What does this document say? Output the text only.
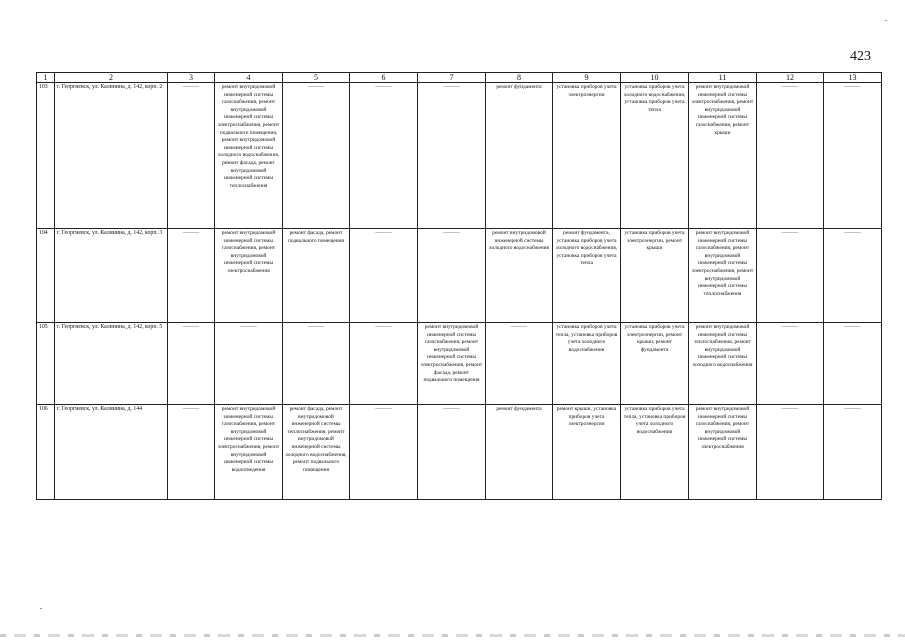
423
1	2	3	4	5	6	7	8	9	10	11	12	13
103	г. Георгиевск, ул. Калинина, д. 142, корп. 2	———	ремонт внутридомовой инженерной системы газоснабжения, ремонт внутридомовой инженерной системы электроснабжения, ремонт подвального помещения, ремонт внутридомовой инженерной системы холодного водоснабжения, ремонт фасада, ремонт внутридомовой инженерной системы теплоснабжения	———	———	———	ремонт фундамента	установка приборов учета электроэнергии	установка приборов учета холодного водоснабжения, установка приборов учета тепла	ремонт внутридомовой инженерной системы электроснабжения, ремонт внутридомовой инженерной системы газоснабжения, ремонт крыши	———	———
104	г. Георгиевск, ул. Калинина, д. 142, корп. 3	———	ремонт внутридомовой инженерной системы газоснабжения, ремонт внутридомовой инженерной системы электроснабжения	ремонт фасада, ремонт подвального помещения	———	———	ремонт внутридомовой инженерной системы холодного водоснабжения	ремонт фундамента, установка приборов учета холодного водоснабжения, установка приборов учета тепла	установка приборов учета электроэнергии, ремонт крыши	ремонт внутридомовой инженерной системы газоснабжения, ремонт внутридомовой инженерной системы электроснабжения, ремонт внутридомовой инженерной системы теплоснабжения	———	———
105	г. Георгиевск, ул. Калинина, д. 142, корп. 5	———	———	———	———	ремонт внутридомовой инженерной системы газоснабжения, ремонт внутридомовой инженерной системы электроснабжения, ремонт фасада, ремонт подвального помещения	———	установка приборов учета тепла, установка приборов учета холодного водоснабжения	установка приборов учета электроэнергии, ремонт крыши, ремонт фундамента	ремонт внутридомовой инженерной системы теплоснабжения, ремонт внутридомовой инженерной системы холодного водоснабжения	———	———
106	г. Георгиевск, ул. Калинина, д. 144	———	ремонт внутридомовой инженерной системы газоснабжения, ремонт внутридомовой инженерной системы электроснабжения, ремонт внутридомовой инженерной системы водоотведения	ремонт фасада, ремонт внутридомовой инженерной системы теплоснабжения, ремонт внутридомовой инженерной системы холодного водоснабжения, ремонт подвального помещения	———	———	ремонт фундамента	ремонт крыши, установка приборов учета электроэнергии	установка приборов учета тепла, установка приборов учета холодного водоснабжения	ремонт внутридомовой инженерной системы газоснабжения, ремонт внутридомовой инженерной системы электроснабжения	———	———
